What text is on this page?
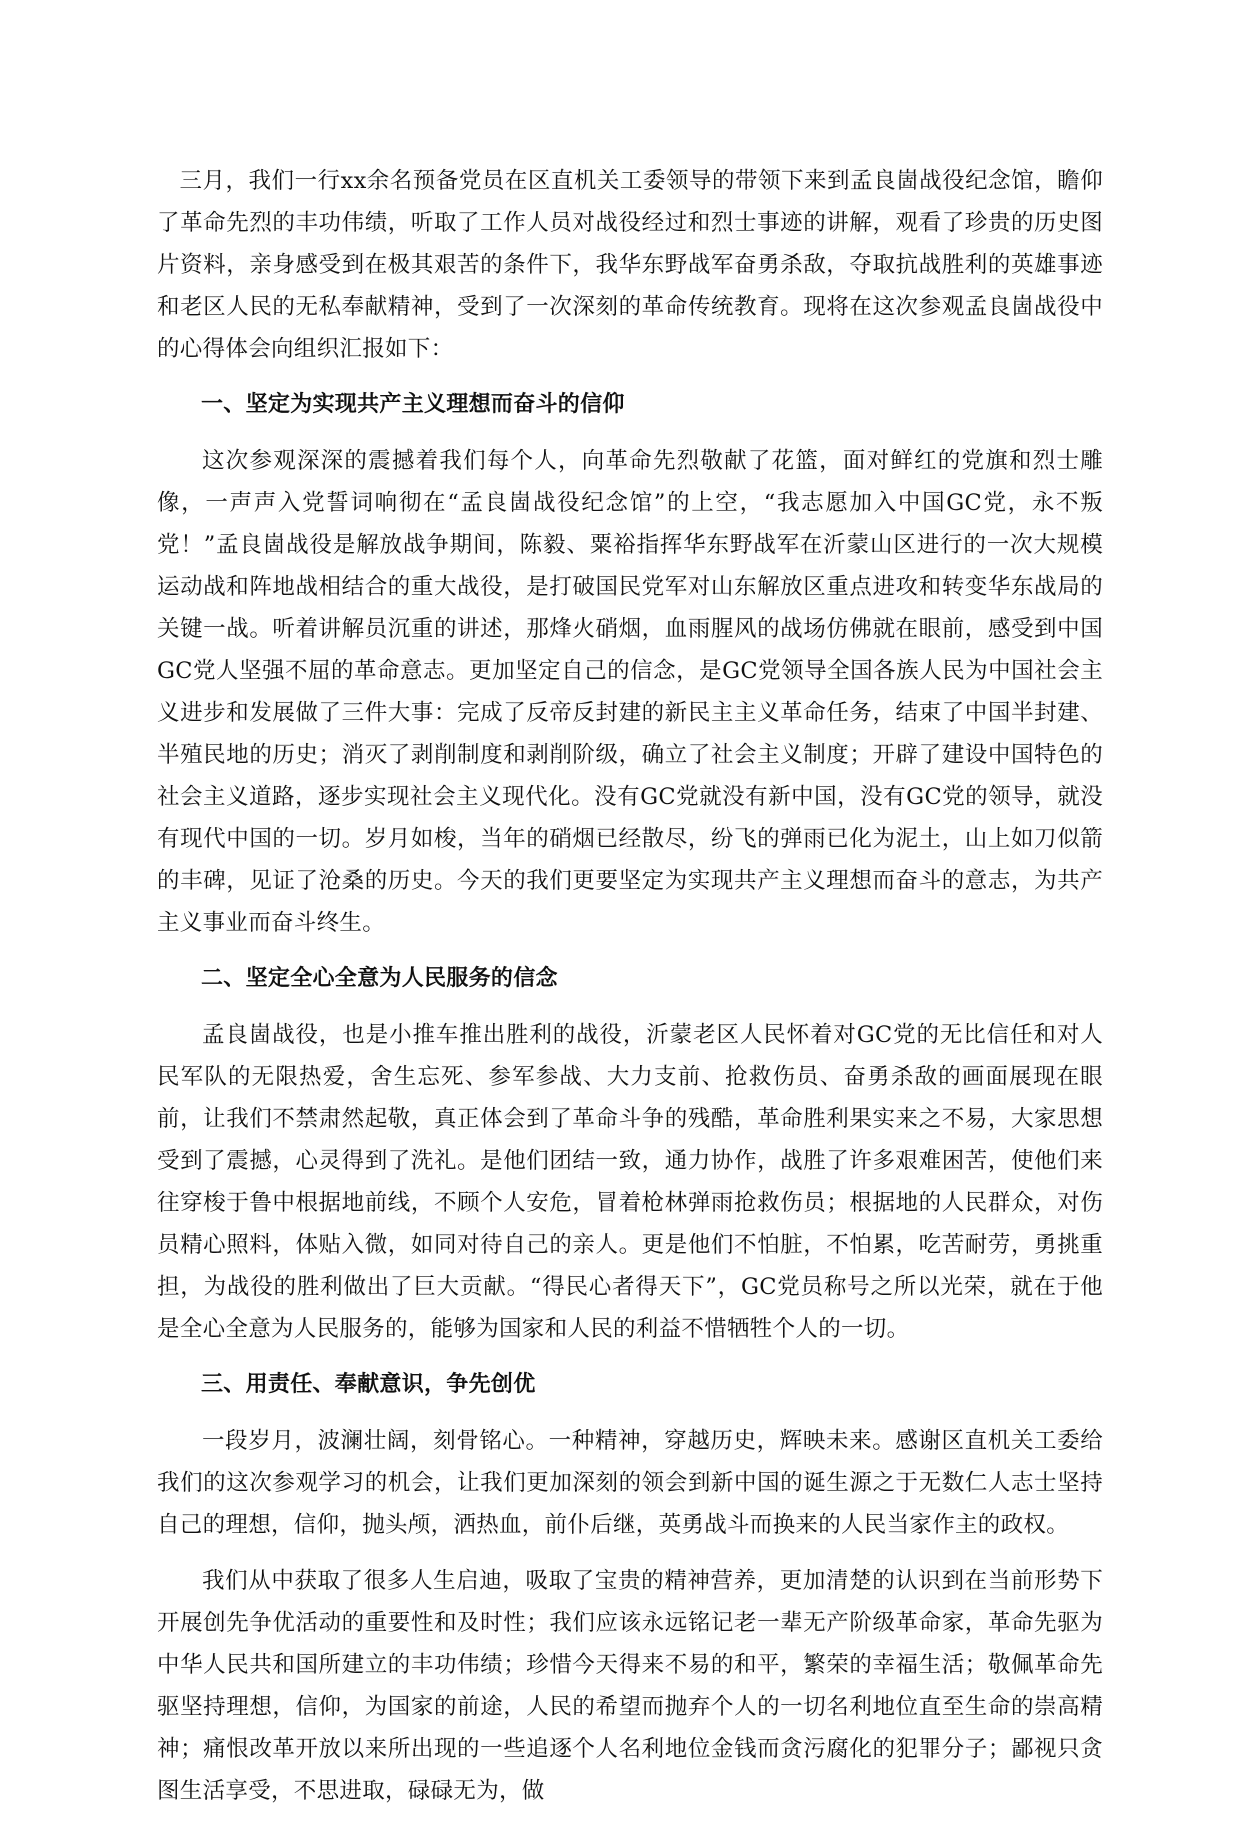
三月，我们一行xx余名预备党员在区直机关工委领导的带领下来到孟良崮战役纪念馆，瞻仰了革命先烈的丰功伟绩，听取了工作人员对战役经过和烈士事迹的讲解，观看了珍贵的历史图片资料，亲身感受到在极其艰苦的条件下，我华东野战军奋勇杀敌，夺取抗战胜利的英雄事迹和老区人民的无私奉献精神，受到了一次深刻的革命传统教育。现将在这次参观孟良崮战役中的心得体会向组织汇报如下：

一、坚定为实现共产主义理想而奋斗的信仰

这次参观深深的震撼着我们每个人，向革命先烈敬献了花篮，面对鲜红的党旗和烈士雕像，一声声入党誓词响彻在“孟良崮战役纪念馆”的上空，“我志愿加入中国GC党，永不叛党！”孟良崮战役是解放战争期间，陈毅、粟裕指挥华东野战军在沂蒙山区进行的一次大规模运动战和阵地战相结合的重大战役，是打破国民党军对山东解放区重点进攻和转变华东战局的关键一战。听着讲解员沉重的讲述，那烽火硝烟，血雨腥风的战场仿佛就在眼前，感受到中国GC党人坚强不屈的革命意志。更加坚定自己的信念，是GC党领导全国各族人民为中国社会主义进步和发展做了三件大事：完成了反帝反封建的新民主主义革命任务，结束了中国半封建、半殖民地的历史；消灭了剥削制度和剥削阶级，确立了社会主义制度；开辟了建设中国特色的社会主义道路，逐步实现社会主义现代化。没有GC党就没有新中国，没有GC党的领导，就没有现代中国的一切。岁月如梭，当年的硝烟已经散尽，纷飞的弹雨已化为泥土，山上如刀似箭的丰碑，见证了沧桑的历史。今天的我们更要坚定为实现共产主义理想而奋斗的意志，为共产主义事业而奋斗终生。

二、坚定全心全意为人民服务的信念

孟良崮战役，也是小推车推出胜利的战役，沂蒙老区人民怀着对GC党的无比信任和对人民军队的无限热爱，舍生忘死、参军参战、大力支前、抢救伤员、奋勇杀敌的画面展现在眼前，让我们不禁肃然起敬，真正体会到了革命斗争的残酷，革命胜利果实来之不易，大家思想受到了震撼，心灵得到了洗礼。是他们团结一致，通力协作，战胜了许多艰难困苦，使他们来往穿梭于鲁中根据地前线，不顾个人安危，冒着枪林弹雨抢救伤员；根据地的人民群众，对伤员精心照料，体贴入微，如同对待自己的亲人。更是他们不怕脏，不怕累，吃苦耐劳，勇挑重担，为战役的胜利做出了巨大贡献。“得民心者得天下”，GC党员称号之所以光荣，就在于他是全心全意为人民服务的，能够为国家和人民的利益不惜牺牲个人的一切。

三、用责任、奉献意识，争先创优

一段岁月，波澜壮阔，刻骨铭心。一种精神，穿越历史，辉映未来。感谢区直机关工委给我们的这次参观学习的机会，让我们更加深刻的领会到新中国的诞生源之于无数仁人志士坚持自己的理想，信仰，抛头颅，洒热血，前仆后继，英勇战斗而换来的人民当家作主的政权。

我们从中获取了很多人生启迪，吸取了宝贵的精神营养，更加清楚的认识到在当前形势下开展创先争优活动的重要性和及时性；我们应该永远铭记老一辈无产阶级革命家，革命先驱为中华人民共和国所建立的丰功伟绩；珍惜今天得来不易的和平，繁荣的幸福生活；敬佩革命先驱坚持理想，信仰，为国家的前途，人民的希望而抛弃个人的一切名利地位直至生命的崇高精神；痛恨改革开放以来所出现的一些追逐个人名利地位金钱而贪污腐化的犯罪分子；鄙视只贪图生活享受，不思进取，碌碌无为，做
